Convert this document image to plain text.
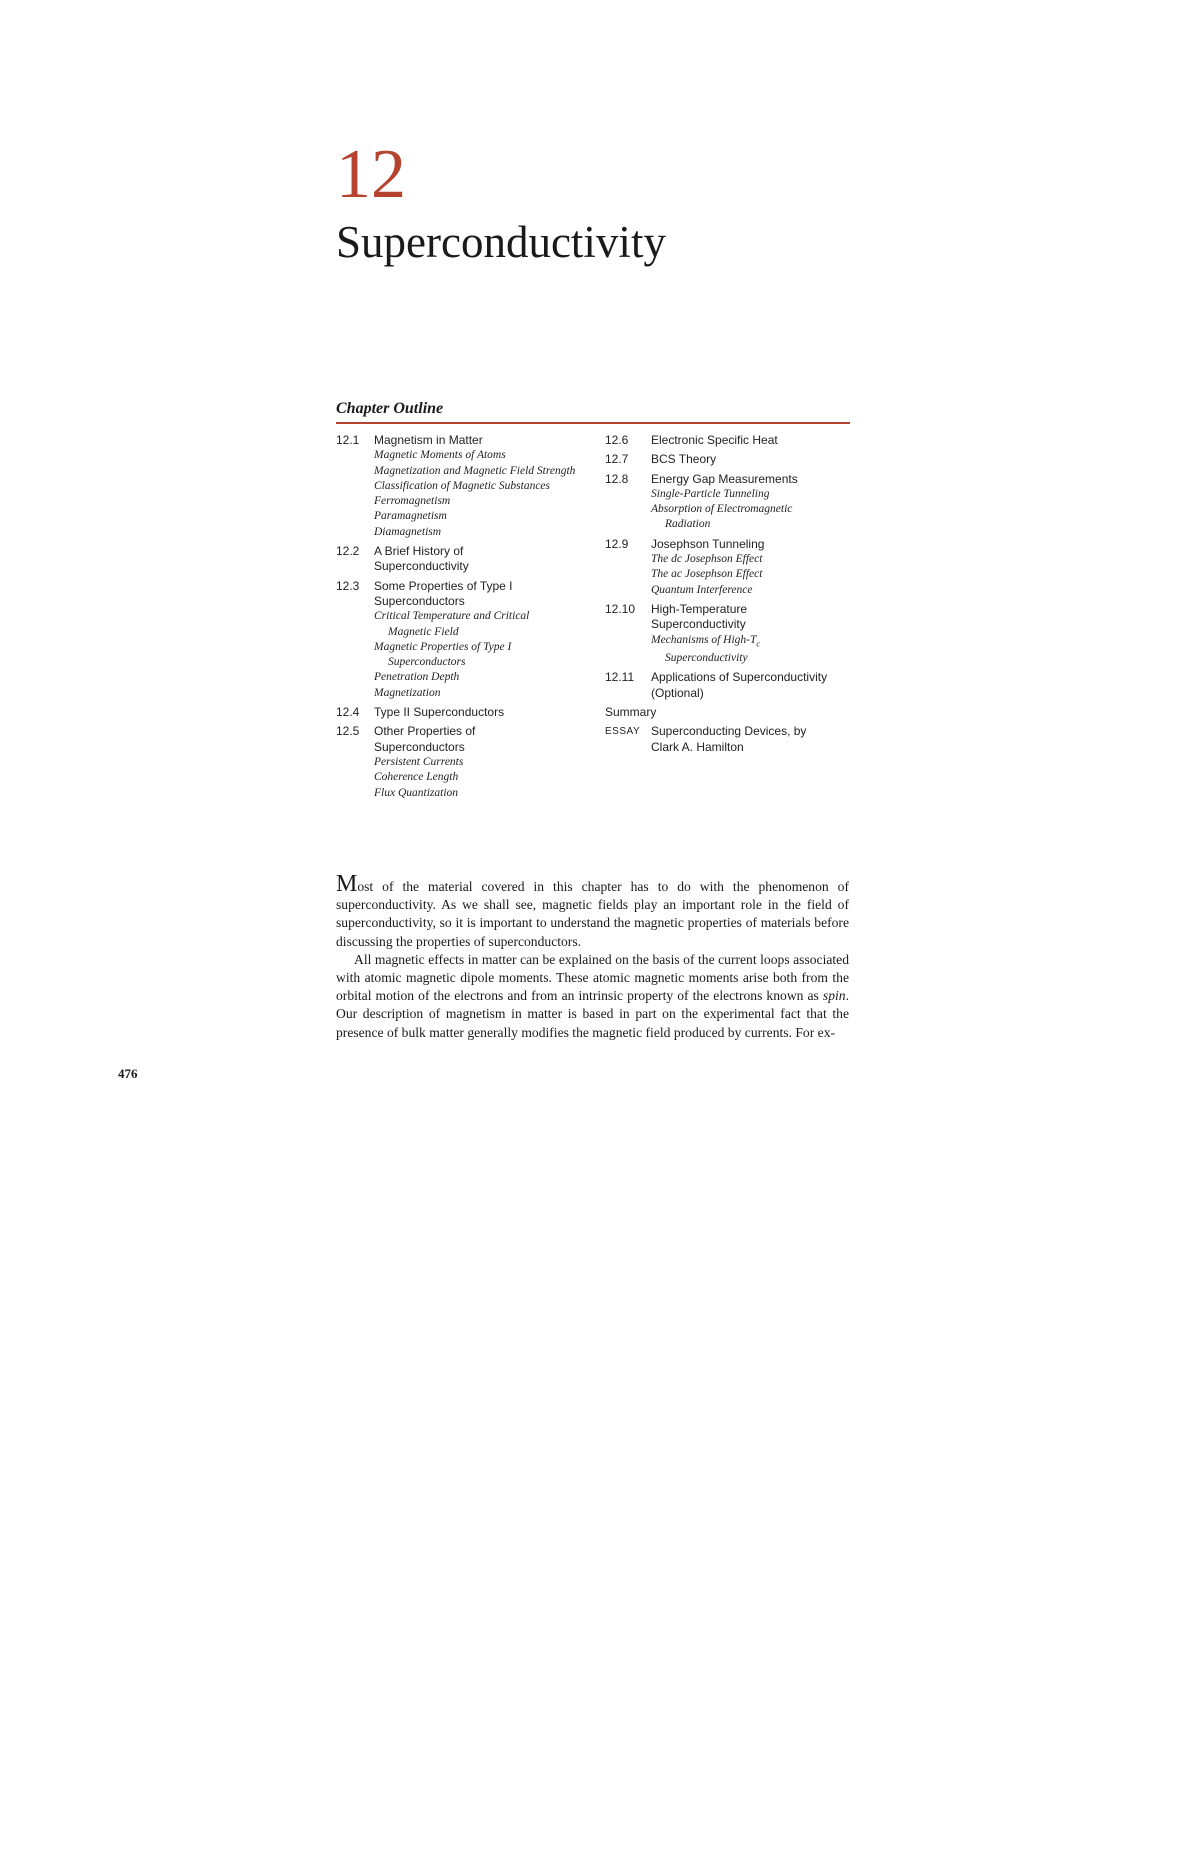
12
Superconductivity
Chapter Outline
12.1	Magnetism in Matter
Magnetic Moments of Atoms
Magnetization and Magnetic Field Strength
Classification of Magnetic Substances
Ferromagnetism
Paramagnetism
Diamagnetism
12.2	A Brief History of Superconductivity
12.3	Some Properties of Type I Superconductors
Critical Temperature and Critical Magnetic Field
Magnetic Properties of Type I Superconductors
Penetration Depth
Magnetization
12.4	Type II Superconductors
12.5	Other Properties of Superconductors
Persistent Currents
Coherence Length
Flux Quantization
12.6	Electronic Specific Heat
12.7	BCS Theory
12.8	Energy Gap Measurements
Single-Particle Tunneling
Absorption of Electromagnetic Radiation
12.9	Josephson Tunneling
The dc Josephson Effect
The ac Josephson Effect
Quantum Interference
12.10	High-Temperature Superconductivity
Mechanisms of High-$T_c$ Superconductivity
12.11	Applications of Superconductivity (Optional)
Summary
ESSAY Superconducting Devices, by Clark A. Hamilton

Most of the material covered in this chapter has to do with the phenomenon of superconductivity. As we shall see, magnetic fields play an important role in the field of superconductivity, so it is important to understand the magnetic properties of materials before discussing the properties of superconductors.

All magnetic effects in matter can be explained on the basis of the current loops associated with atomic magnetic dipole moments. These atomic magnetic moments arise both from the orbital motion of the electrons and from an intrinsic property of the electrons known as spin. Our description of magnetism in matter is based in part on the experimental fact that the presence of bulk matter generally modifies the magnetic field produced by currents. For ex-

476
